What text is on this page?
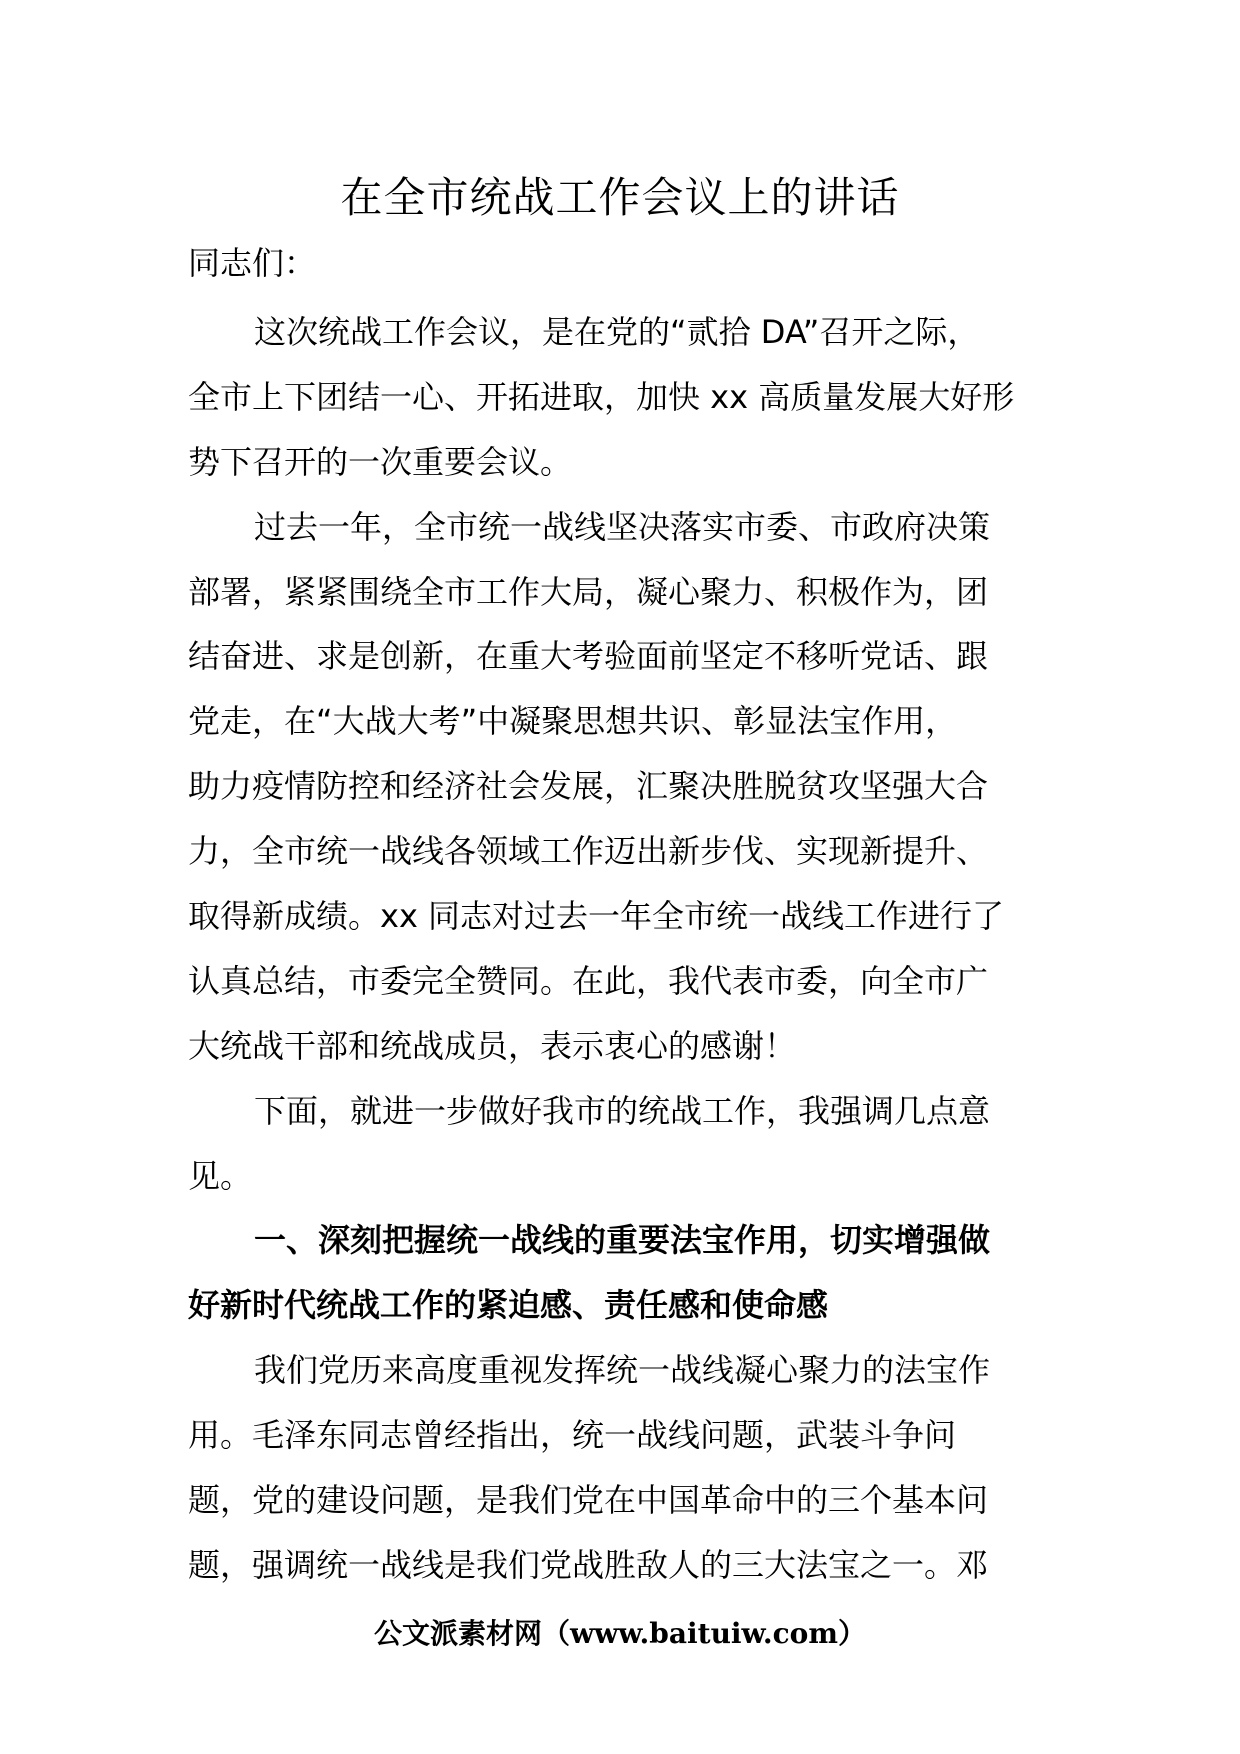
在全市统战工作会议上的讲话
同志们：
这次统战工作会议，是在党的“贰拾 DA”召开之际，
全市上下团结一心、开拓进取，加快 xx 高质量发展大好形
势下召开的一次重要会议。
过去一年，全市统一战线坚决落实市委、市政府决策
部署，紧紧围绕全市工作大局，凝心聚力、积极作为，团
结奋进、求是创新，在重大考验面前坚定不移听党话、跟
党走，在“大战大考”中凝聚思想共识、彰显法宝作用，
助力疫情防控和经济社会发展，汇聚决胜脱贫攻坚强大合
力，全市统一战线各领域工作迈出新步伐、实现新提升、
取得新成绩。xx 同志对过去一年全市统一战线工作进行了
认真总结，市委完全赞同。在此，我代表市委，向全市广
大统战干部和统战成员，表示衷心的感谢！
下面，就进一步做好我市的统战工作，我强调几点意
见。
一、深刻把握统一战线的重要法宝作用，切实增强做
好新时代统战工作的紧迫感、责任感和使命感
我们党历来高度重视发挥统一战线凝心聚力的法宝作
用。毛泽东同志曾经指出，统一战线问题，武装斗争问
题，党的建设问题，是我们党在中国革命中的三个基本问
题，强调统一战线是我们党战胜敌人的三大法宝之一。邓
公文派素材网（www.baituiw.com）
